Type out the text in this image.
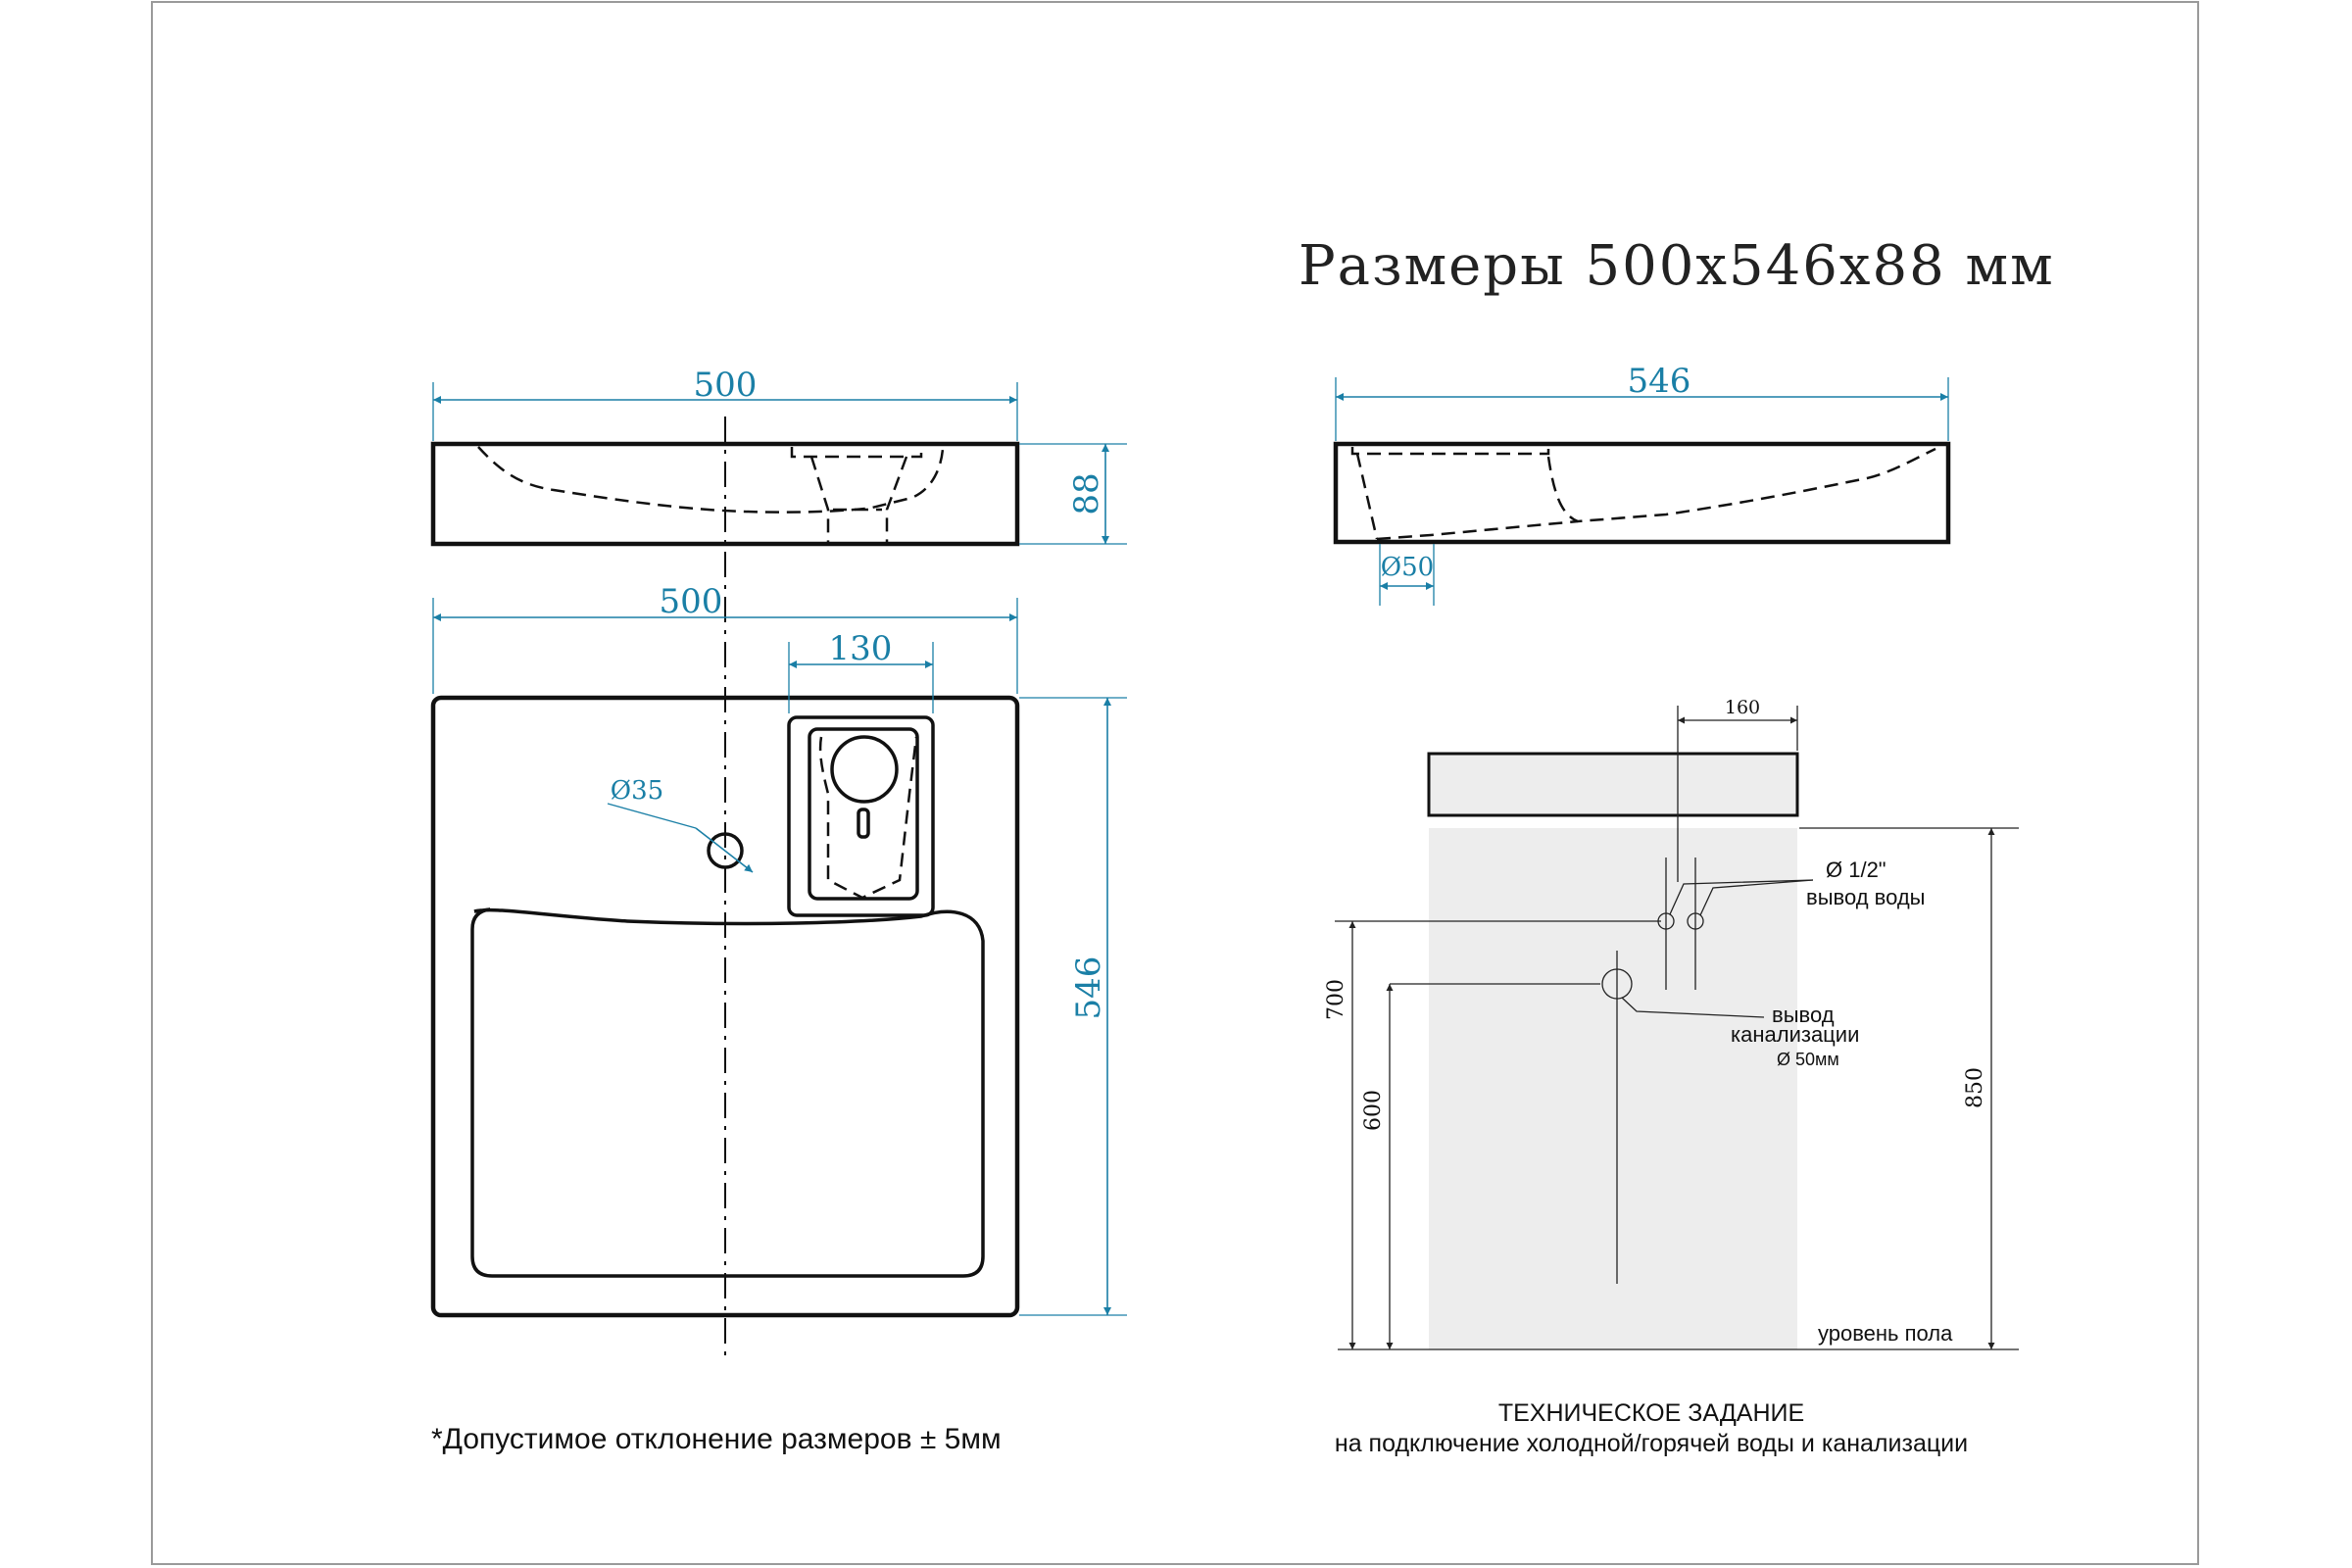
Размеры 500х546х88 мм
500
88
546
Ø50
Ø35
500
130
546
уровень пола
160
Ø 1/2"
вывод воды
вывод
канализации
Ø 50мм
700
600
850
*Допустимое отклонение размеров ± 5мм
ТЕХНИЧЕСКОЕ ЗАДАНИЕ
на подключение холодной/горячей воды и канализации
